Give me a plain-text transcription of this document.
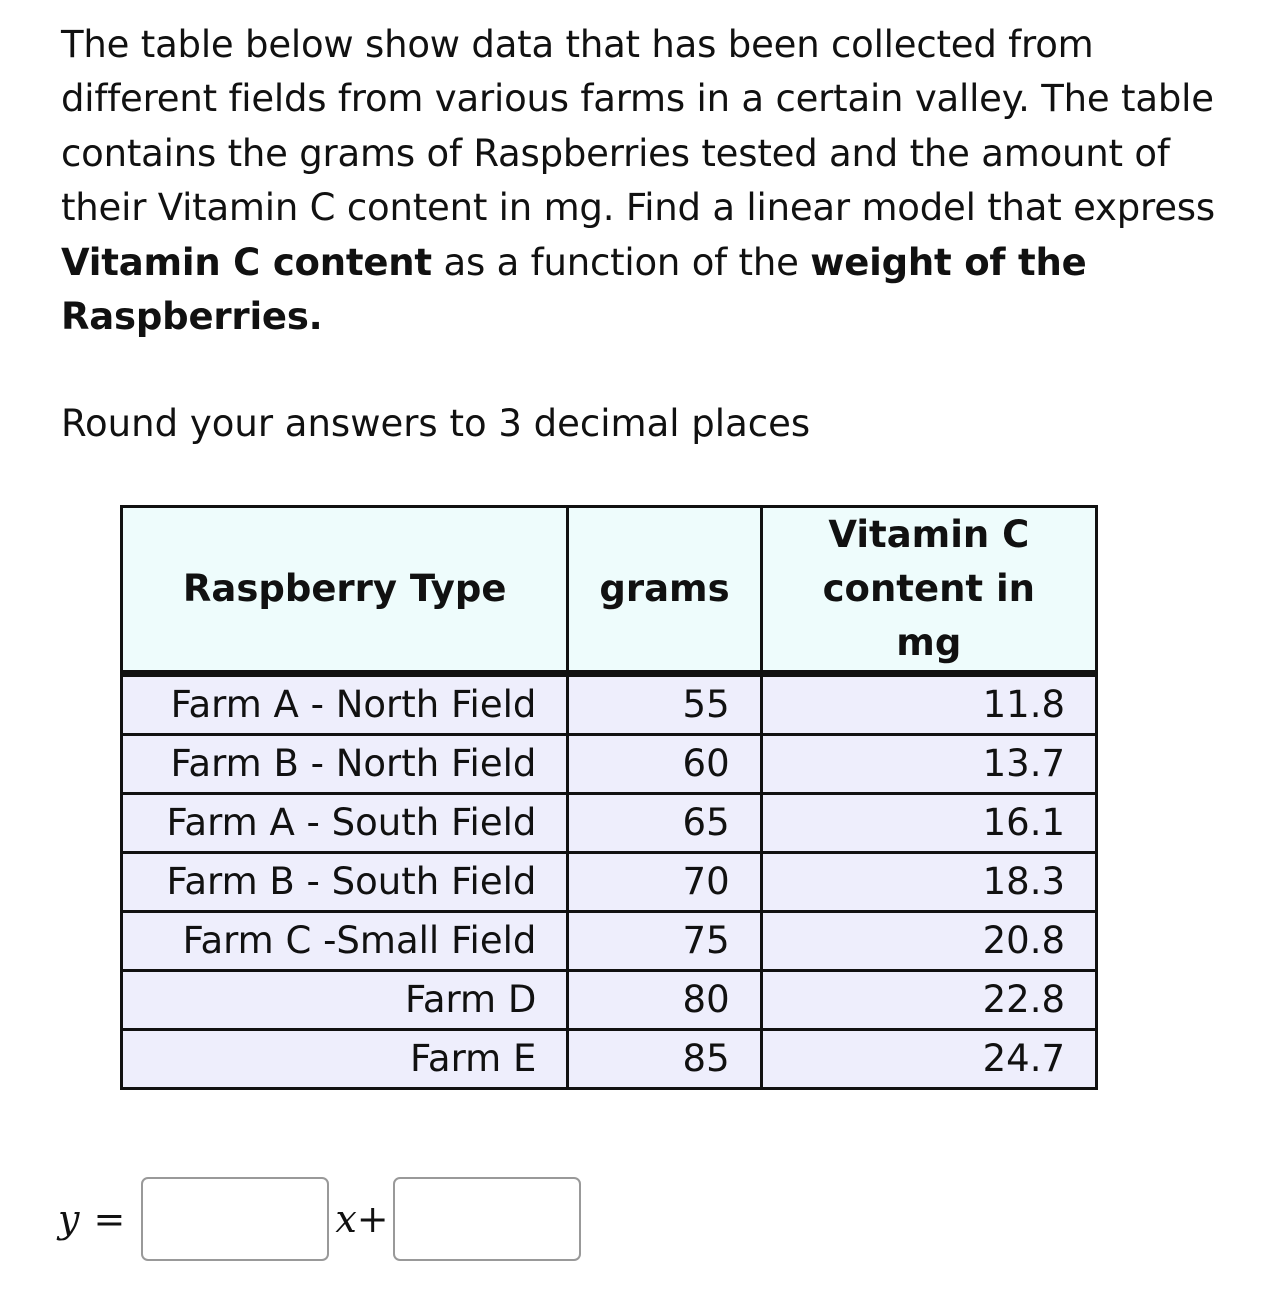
The table below show data that has been collected from different fields from various farms in a certain valley. The table contains the grams of Raspberries tested and the amount of their Vitamin C content in mg. Find a linear model that express Vitamin C content as a function of the weight of the Raspberries.

Round your answers to 3 decimal places

Raspberry Type	grams	Vitamin C
content in mg
Farm A - North Field	55	11.8
Farm B - North Field	60	13.7
Farm A - South Field	65	16.1
Farm B - South Field	70	18.3
Farm C -Small Field	75	20.8
Farm D	80	22.8
Farm E	85	24.7
y =	x +
